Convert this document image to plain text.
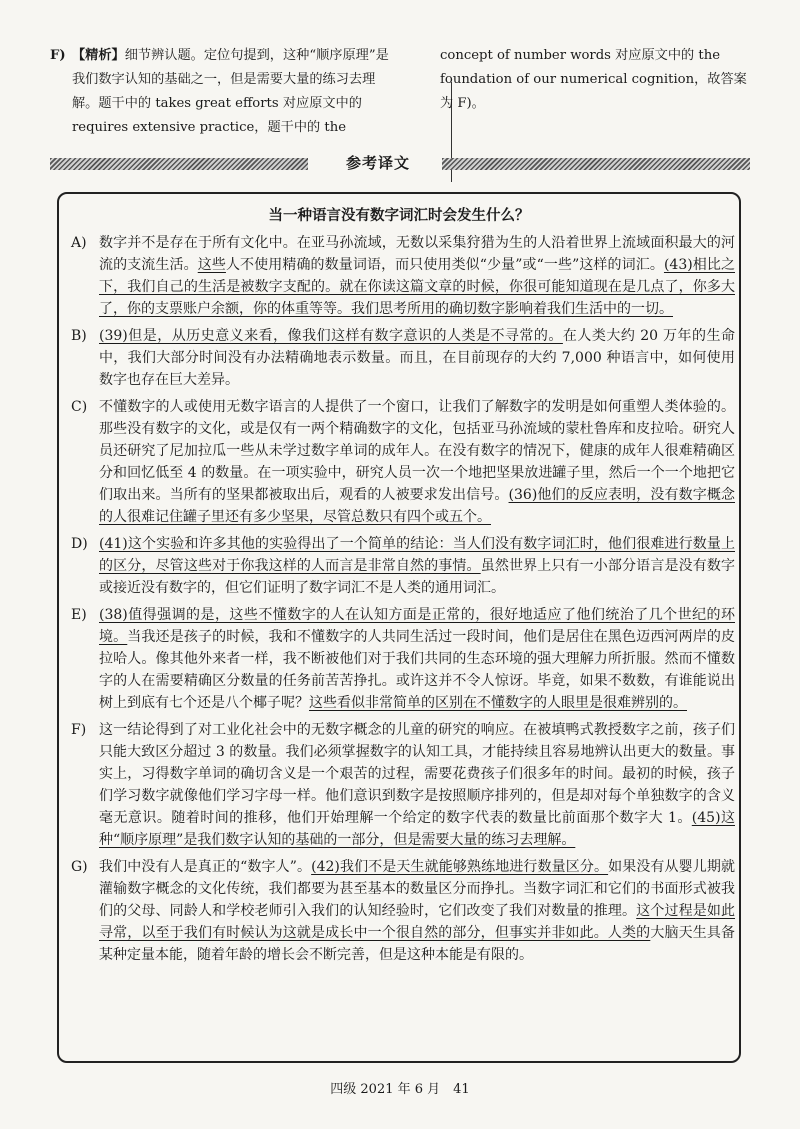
F) 【精析】细节辨认题。定位句提到，这种“顺序原理”是我们数字认知的基础之一，但是需要大量的练习去理解。题干中的 takes great efforts 对应原文中的 requires extensive practice，题干中的 the
concept of number words 对应原文中的 the foundation of our numerical cognition，故答案为 F)。
参考译文
当一种语言没有数字词汇时会发生什么？
A) 数字并不是存在于所有文化中。在亚马孙流域，无数以采集狩猎为生的人沿着世界上流域面积最大的河流的支流生活。这些人不使用精确的数量词语，而只使用类似“少量”或“一些”这样的词汇。(43)相比之下，我们自己的生活是被数字支配的。就在你读这篇文章的时候，你很可能知道现在是几点了，你多大了，你的支票账户余额，你的体重等等。我们思考所用的确切数字影响着我们生活中的一切。
B) (39)但是，从历史意义来看，像我们这样有数字意识的人类是不寻常的。在人类大约 20 万年的生命中，我们大部分时间没有办法精确地表示数量。而且，在目前现存的大约 7,000 种语言中，如何使用数字也存在巨大差异。
C) 不懂数字的人或使用无数字语言的人提供了一个窗口，让我们了解数字的发明是如何重塑人类体验的。那些没有数字的文化，或是仅有一两个精确数字的文化，包括亚马孙流域的蒙杜鲁库和皮拉哈。研究人员还研究了尼加拉瓜一些从未学过数字单词的成年人。在没有数字的情况下，健康的成年人很难精确区分和回忆低至 4 的数量。在一项实验中，研究人员一次一个地把坚果放进罐子里，然后一个一个地把它们取出来。当所有的坚果都被取出后，观看的人被要求发出信号。(36)他们的反应表明，没有数字概念的人很难记住罐子里还有多少坚果，尽管总数只有四个或五个。
D) (41)这个实验和许多其他的实验得出了一个简单的结论：当人们没有数字词汇时，他们很难进行数量上的区分，尽管这些对于你我这样的人而言是非常自然的事情。虽然世界上只有一小部分语言是没有数字或接近没有数字的，但它们证明了数字词汇不是人类的通用词汇。
E) (38)值得强调的是，这些不懂数字的人在认知方面是正常的，很好地适应了他们统治了几个世纪的环境。当我还是孩子的时候，我和不懂数字的人共同生活过一段时间，他们是居住在黑色迈西河两岸的皮拉哈人。像其他外来者一样，我不断被他们对于我们共同的生态环境的强大理解力所折服。然而不懂数字的人在需要精确区分数量的任务前苦苦挣扎。或许这并不令人惊讶。毕竟，如果不数数，有谁能说出树上到底有七个还是八个椰子呢？这些看似非常简单的区别在不懂数字的人眼里是很难辨别的。
F) 这一结论得到了对工业化社会中的无数字概念的儿童的研究的响应。在被填鸭式教授数字之前，孩子们只能大致区分超过 3 的数量。我们必须掌握数字的认知工具，才能持续且容易地辨认出更大的数量。事实上，习得数字单词的确切含义是一个艰苦的过程，需要花费孩子们很多年的时间。最初的时候，孩子们学习数字就像他们学习字母一样。他们意识到数字是按照顺序排列的，但是却对每个单独数字的含义毫无意识。随着时间的推移，他们开始理解一个给定的数字代表的数量比前面那个数字大 1。(45)这种“顺序原理”是我们数字认知的基础的一部分，但是需要大量的练习去理解。
G) 我们中没有人是真正的“数字人”。(42)我们不是天生就能够熟练地进行数量区分。如果没有从婴儿期就灌输数字概念的文化传统，我们都要为甚至基本的数量区分而挣扎。当数字词汇和它们的书面形式被我们的父母、同龄人和学校老师引入我们的认知经验时，它们改变了我们对数量的推理。这个过程是如此寻常，以至于我们有时候认为这就是成长中一个很自然的部分，但事实并非如此。人类的大脑天生具备某种定量本能，随着年龄的增长会不断完善，但是这种本能是有限的。
四级 2021 年 6 月　41
